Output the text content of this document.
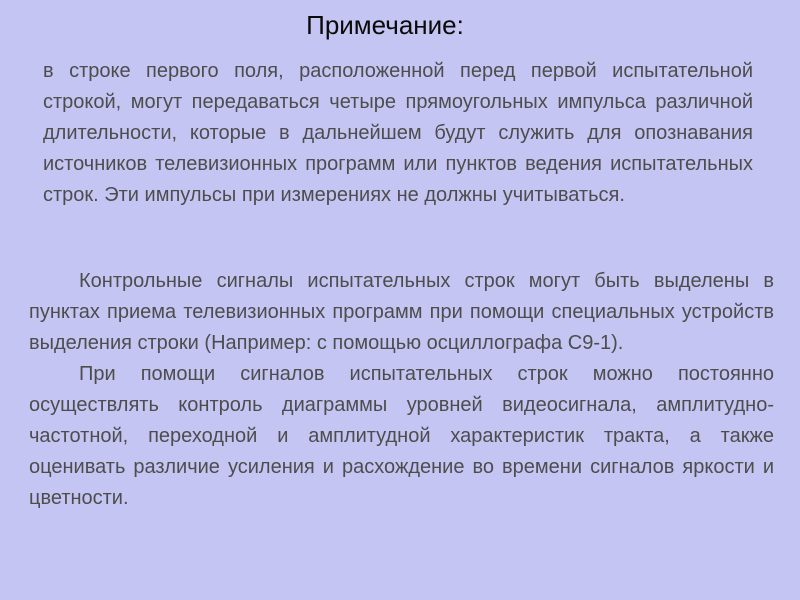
Примечание:

в строке первого поля, расположенной перед первой испытательной строкой, могут передаваться четыре прямоугольных импульса различной длительности, которые в дальнейшем будут служить для опознавания источников телевизионных программ или пунктов ведения испытательных строк. Эти импульсы при измерениях не должны учитываться.

Контрольные сигналы испытательных строк могут быть выделены в пунктах приема телевизионных программ при помощи специальных устройств выделения строки (Например: с помощью осциллографа С9-1).

При помощи сигналов испытательных строк можно постоянно осуществлять контроль диаграммы уровней видеосигнала, амплитудно-частотной, переходной и амплитудной характеристик тракта, а также оценивать различие усиления и расхождение во времени сигналов яркости и цветности.
